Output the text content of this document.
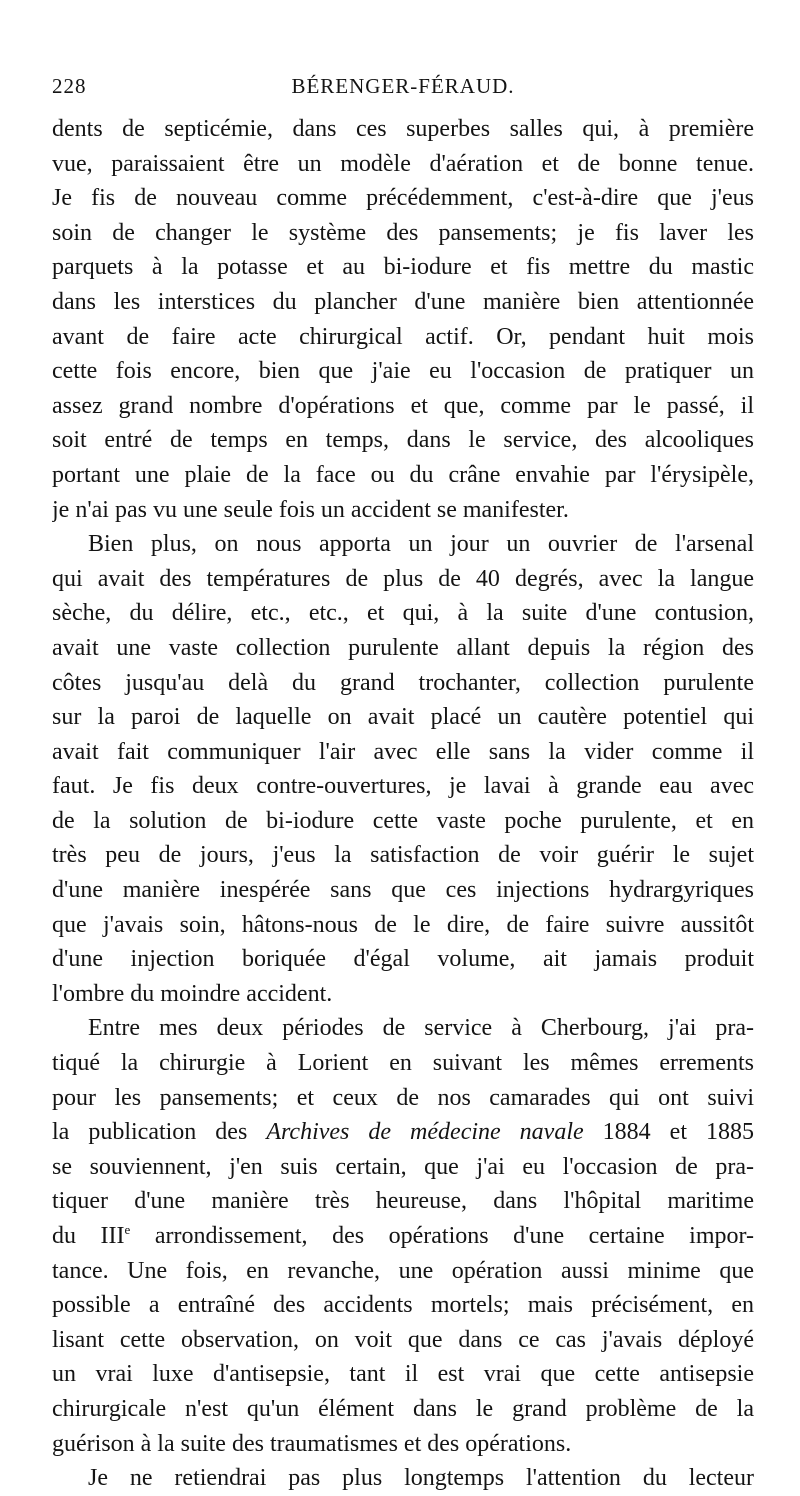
228	BÉRENGER-FÉRAUD.
dents de septicémie, dans ces superbes salles qui, à première
vue, paraissaient être un modèle d'aération et de bonne tenue.
Je fis de nouveau comme précédemment, c'est-à-dire que j'eus
soin de changer le système des pansements; je fis laver les
parquets à la potasse et au bi-iodure et fis mettre du mastic
dans les interstices du plancher d'une manière bien attentionnée
avant de faire acte chirurgical actif. Or, pendant huit mois
cette fois encore, bien que j'aie eu l'occasion de pratiquer un
assez grand nombre d'opérations et que, comme par le passé, il
soit entré de temps en temps, dans le service, des alcooliques
portant une plaie de la face ou du crâne envahie par l'érysipèle,
je n'ai pas vu une seule fois un accident se manifester.
Bien plus, on nous apporta un jour un ouvrier de l'arsenal
qui avait des températures de plus de 40 degrés, avec la langue
sèche, du délire, etc., etc., et qui, à la suite d'une contusion,
avait une vaste collection purulente allant depuis la région des
côtes jusqu'au delà du grand trochanter, collection purulente
sur la paroi de laquelle on avait placé un cautère potentiel qui
avait fait communiquer l'air avec elle sans la vider comme il
faut. Je fis deux contre-ouvertures, je lavai à grande eau avec
de la solution de bi-iodure cette vaste poche purulente, et en
très peu de jours, j'eus la satisfaction de voir guérir le sujet
d'une manière inespérée sans que ces injections hydrargyriques
que j'avais soin, hâtons-nous de le dire, de faire suivre aussitôt
d'une injection boriquée d'égal volume, ait jamais produit
l'ombre du moindre accident.
Entre mes deux périodes de service à Cherbourg, j'ai pra-
tiqué la chirurgie à Lorient en suivant les mêmes errements
pour les pansements; et ceux de nos camarades qui ont suivi
la publication des Archives de médecine navale 1884 et 1885
se souviennent, j'en suis certain, que j'ai eu l'occasion de pra-
tiquer d'une manière très heureuse, dans l'hôpital maritime
du IIIe arrondissement, des opérations d'une certaine impor-
tance. Une fois, en revanche, une opération aussi minime que
possible a entraîné des accidents mortels; mais précisément, en
lisant cette observation, on voit que dans ce cas j'avais déployé
un vrai luxe d'antisepsie, tant il est vrai que cette antisepsie
chirurgicale n'est qu'un élément dans le grand problème de la
guérison à la suite des traumatismes et des opérations.
Je ne retiendrai pas plus longtemps l'attention du lecteur
